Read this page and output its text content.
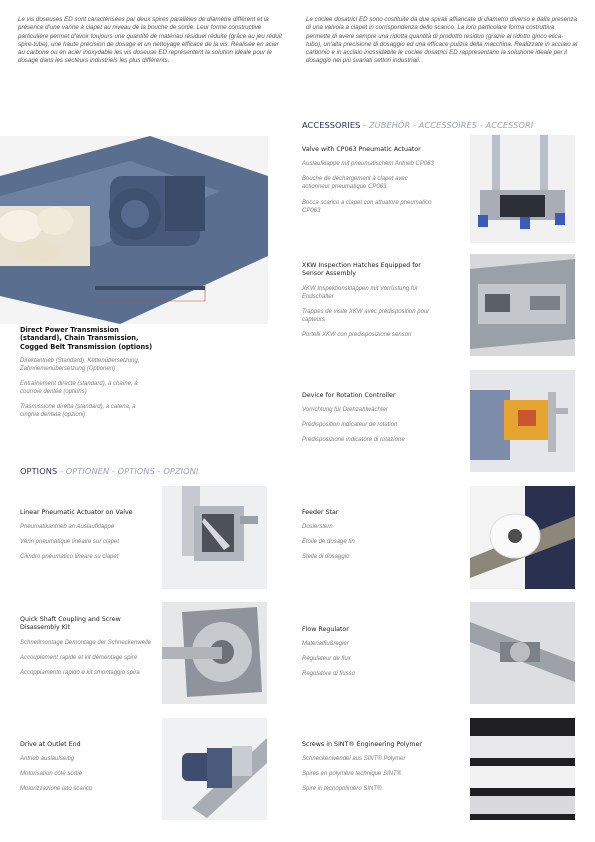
Le vis doseuses ED sont caractérisées par deux spires parallèles de diamètre différent et la présence d'une vanne à clapet au niveau de la bouche de sortie. Leur forme constructive particulière permet d'avoir toujours une quantité de matériau résiduel réduite (grâce au jeu réduit spire-tube), une haute précision de dosage et un nettoyage efficace de la vis. Réalisée en acier au carbone ou en acier inoxydable les vis doseuse ED représentent la solution idéale pour le dosage dans les secteurs industriels les plus différents.

Le coclee dosatrici ED sono costituite da due spirali affiancate di diametro diverso e dalla presenza di una valvola a clapet in corrispondenza dello scarico. La loro particolare forma costruttiva permette di avere sempre una ridotta quantità di prodotto residuo (grazie al ridotto gioco elica-tubo), un'alta precisione di dosaggio ed una efficace pulizia della macchina. Realizzate in acciaio al carbonio e in acciaio inossidabile le coclee dosatrici ED rappresentano la soluzione ideale per il dosaggio nei più svariati settori industriali.

Direct Power Transmission (standard), Chain Transmission, Cogged Belt Transmission (options)
Direktantrieb (Standard), Kettenübersetzung, Zahnriemenübersetzung (Optionen)
Entraînement directe (standard), à chaîne, à courroie dentée (options)
Trasmissione diretta (standard), a catena, a cinghia dentata (opzioni)
ACCESSORIES - ZUBEHÖR - ACCESSOIRES - ACCESSORI
Valve with CP063 Pneumatic Actuator
Auslaufklappe mit pneumatischem Antrieb CP063
Bouche de déchargement à clapet avec actionneur pneumatique CP063.
Bocca scarico a clapet con attuatore pneumatico CP063
XKW Inspection Hatches Equipped for Sensor Assembly
XKW Inspektionsklappen mit Vorrüstung für Endschalter
Trappes de visite XKW avec prédisposition pour capteurs
Portelli XKW con predisposizione sensori
Device for Rotation Controller
Vorrichtung für Drehzahlwächter
Prédisposition indicateur de rotation
Predisposizione indicatore di rotazione
OPTIONS - OPTIONEN - OPTIONS - OPZIONI
Linear Pneumatic Actuator on Valve
Pneumatikantrieb an Auslaufklappe
Vérin pneumatique linéaire sur clapet
Cilindro pneumatico lineare su clapet
Feeder Star
Dosierstern
Étoile de dosage fin
Stella di dosaggio
Quick Shaft Coupling and Screw Disassembly Kit
Schnellmontage Demontage der Schneckenwelle
Accouplement rapide et kit démontage spire
Accoppiamento rapido e kit smontaggio spira
Flow Regulator
Materialflußregler
Régulateur de flux
Regolatore di flusso
Drive at Outlet End
Antrieb auslaufseitig
Motorisation côté sortie
Motorizzazione lato scarico
Screws in SINT® Engineering Polymer
Schneckenwendel aus SINT® Polymer
Spires en polymère technique SINT®
Spire in tecnopolimero SINT®
